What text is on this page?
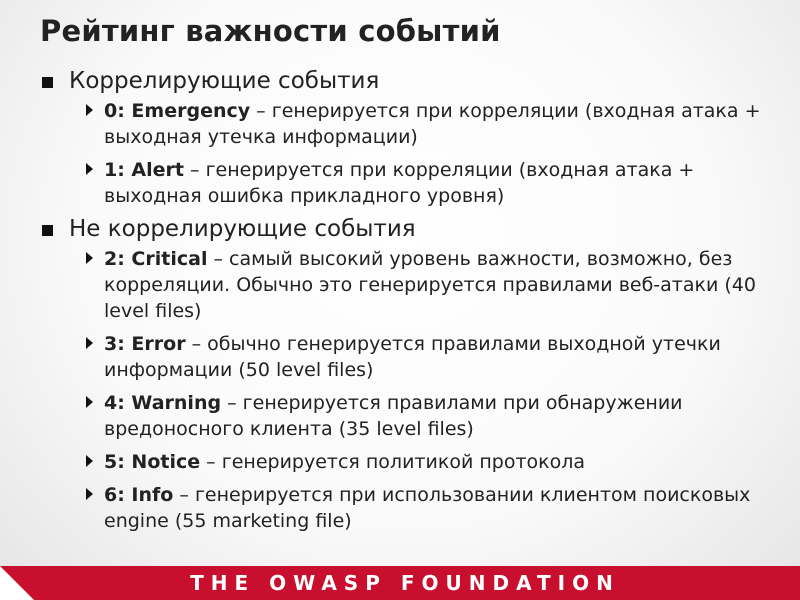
Рейтинг важности событий
Коррелирующие события
0: Emergency – генерируется при корреляции (входная атака + выходная утечка информации)
1: Alert – генерируется при корреляции (входная атака + выходная ошибка прикладного уровня)
Не коррелирующие события
2: Critical – самый высокий уровень важности, возможно, без корреляции. Обычно это генерируется правилами веб-атаки (40 level files)
3: Error – обычно генерируется правилами выходной утечки информации (50 level files)
4: Warning – генерируется правилами при обнаружении вредоносного клиента (35 level files)
5: Notice – генерируется политикой протокола
6: Info – генерируется при использовании клиентом поисковых engine (55 marketing file)
THE OWASP FOUNDATION
